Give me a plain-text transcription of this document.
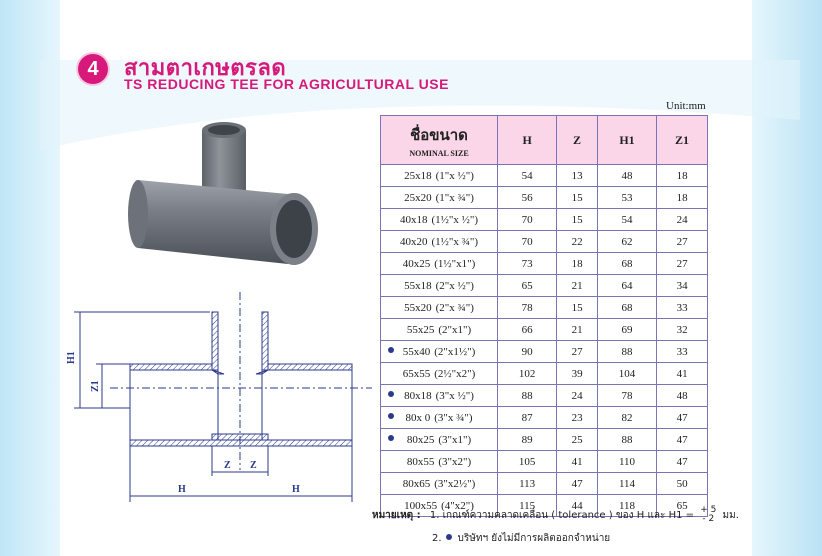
4	สามตาเกษตรลด
TS REDUCING TEE FOR AGRICULTURAL USE
H1
Z1
Z Z
H	H
Unit:mm
ชื่อขนาด
NOMINAL SIZE	H	Z	H1	Z1
25x18 (1"x ½")	54	13	48	18
25x20 (1"x ¾")	56	15	53	18
40x18 (1½"x ½")	70	15	54	24
40x20 (1½"x ¾")	70	22	62	27
40x25 (1½"x1")	73	18	68	27
55x18 (2"x ½")	65	21	64	34
55x20 (2"x ¾")	78	15	68	33
55x25 (2"x1")	66	21	69	32

55x40 (2"x1½")	90	27	88	33
65x55 (2½"x2")	102	39	104	41

80x18 (3"x ½")	88	24	78	48

80x 0 (3"x ¾")	87	23	82	47

80x25 (3"x1")	89	25	88	47
80x55 (3"x2")	105	41	110	47
80x65 (3"x2½")	113	47	114	50
100x55 (4"x2")	115	44	118	65
หมายเหตุ : 1. เกณฑ์ความคลาดเคลื่อน ( tolerance ) ของ H และ H1 = + 5
- 2 มม.
2. บริษัทฯ ยังไม่มีการผลิตออกจำหน่าย
